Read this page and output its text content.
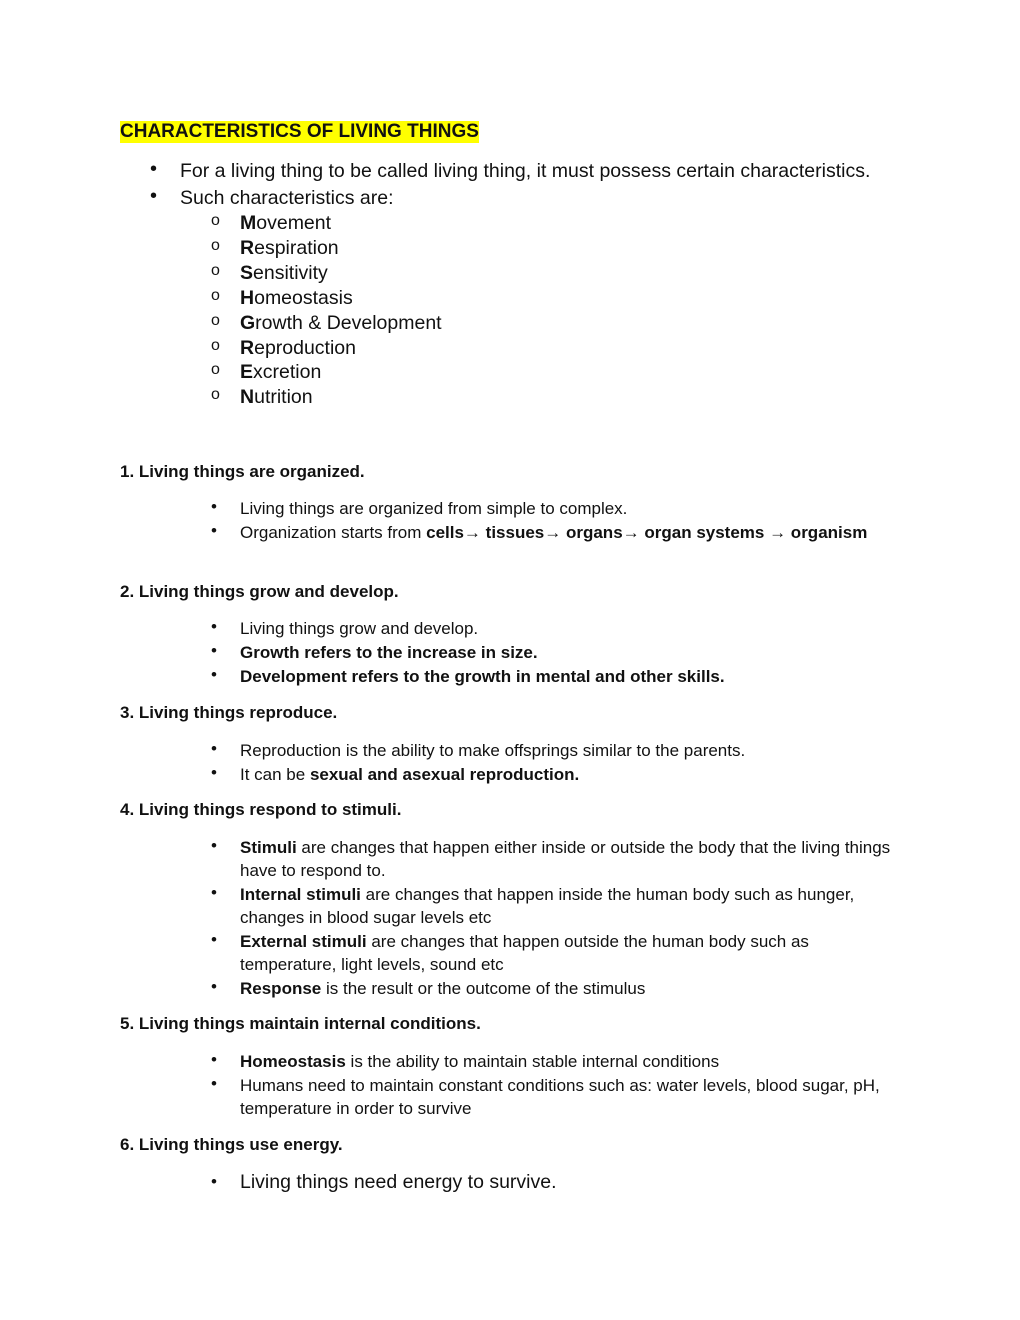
CHARACTERISTICS OF LIVING THINGS
• For a living thing to be called living thing, it must possess certain characteristics.
• Such characteristics are:
o Movement
o Respiration
o Sensitivity
o Homeostasis
o Growth & Development
o Reproduction
o Excretion
o Nutrition
1. Living things are organized.
• Living things are organized from simple to complex.
• Organization starts from cells→ tissues→ organs→ organ systems → organism
2. Living things grow and develop.
• Living things grow and develop.
• Growth refers to the increase in size.
• Development refers to the growth in mental and other skills.
3. Living things reproduce.
• Reproduction is the ability to make offsprings similar to the parents.
• It can be sexual and asexual reproduction.
4. Living things respond to stimuli.
• Stimuli are changes that happen either inside or outside the body that the living things have to respond to.
• Internal stimuli are changes that happen inside the human body such as hunger, changes in blood sugar levels etc
• External stimuli are changes that happen outside the human body such as temperature, light levels, sound etc
• Response is the result or the outcome of the stimulus
5. Living things maintain internal conditions.
• Homeostasis is the ability to maintain stable internal conditions
• Humans need to maintain constant conditions such as: water levels, blood sugar, pH, temperature in order to survive
6. Living things use energy.
• Living things need energy to survive.
